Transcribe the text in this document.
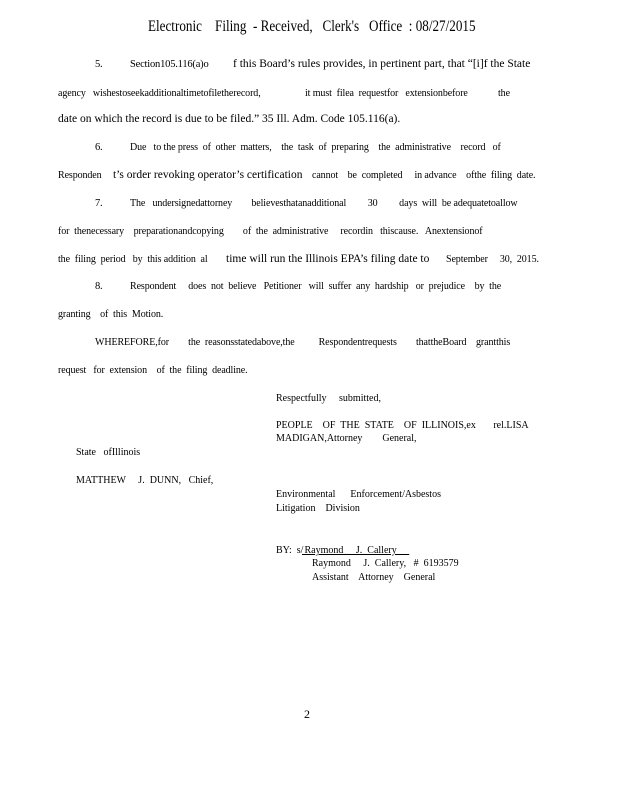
Electronic    Filing  - Received,   Clerk's   Office  : 08/27/2015
5.	Section105.116(a)o f this Board’s rules provides, in pertinent part, that “[i]f the State
agency   wishestoseekadditionaltimetofiletherecord,	it must  filea  requestfor   extensionbefore	the
date on which the record is due to be filed.” 35 Ill. Adm. Code 105.116(a).
6.	Due   to the press  of  other  matters,    the  task  of  preparing    the  administrative    record   of
Responden t’s order revoking operator’s certification cannot    be  completed     in advance    ofthe  filing  date.
7.	The   undersignedattorney        believesthatanadditional         30         days  will  be adequatetoallow
for  thenecessary    preparationandcopying        of  the  administrative     recordin   thiscause.   Anextensionof
the  filing  period   by  this addition  al time will run the Illinois EPA’s filing date to September     30,  2015.
8.	Respondent     does  not  believe   Petitioner   will  suffer  any  hardship   or  prejudice    by  the
granting    of  this  Motion.
WHEREFORE,for        the  reasonsstatedabove,the          Respondentrequests        thattheBoard    grantthis
request   for  extension    of  the  filing  deadline.
Respectfully     submitted,
PEOPLE    OF  THE  STATE    OF  ILLINOIS,ex       rel.LISA
MADIGAN,Attorney        General,
State   ofIllinois
MATTHEW     J.  DUNN,   Chief,
Environmental      Enforcement/Asbestos
Litigation    Division
BY:  s/
Raymond     J.  Callery
Raymond     J.  Callery,   #  6193579
Assistant    Attorney    General
2
